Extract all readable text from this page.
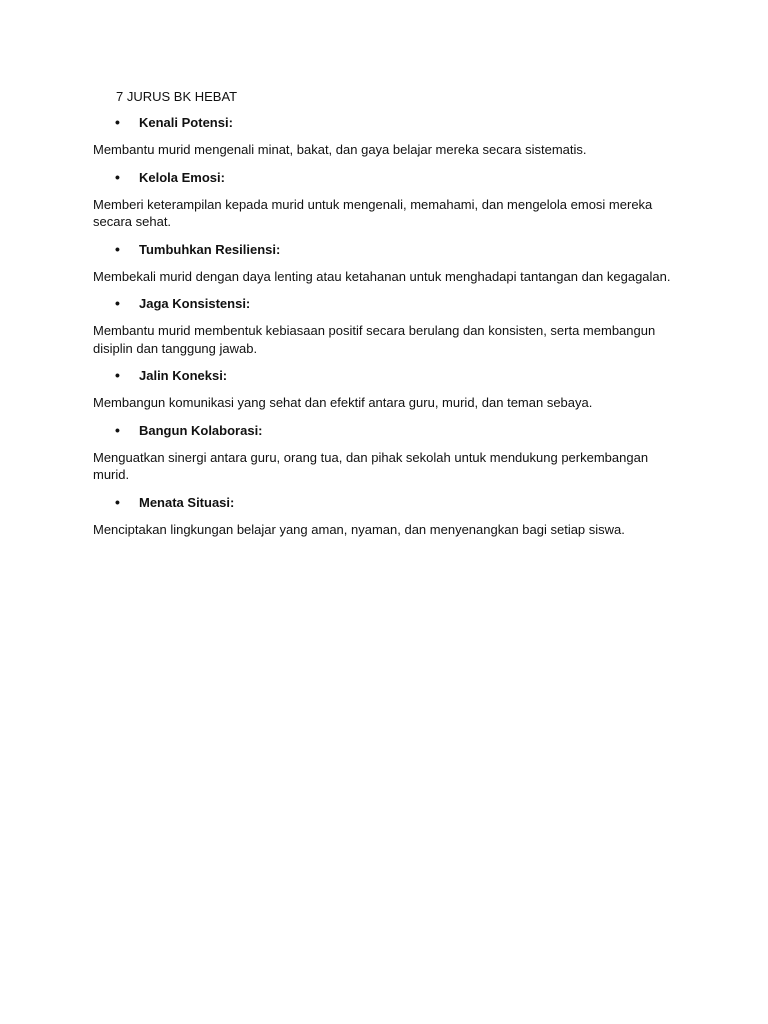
7 JURUS BK HEBAT

•	Kenali Potensi:

Membantu murid mengenali minat, bakat, dan gaya belajar mereka secara sistematis.

•	Kelola Emosi:

Memberi keterampilan kepada murid untuk mengenali, memahami, dan mengelola emosi mereka secara sehat.

•	Tumbuhkan Resiliensi:

Membekali murid dengan daya lenting atau ketahanan untuk menghadapi tantangan dan kegagalan.

•	Jaga Konsistensi:

Membantu murid membentuk kebiasaan positif secara berulang dan konsisten, serta membangun disiplin dan tanggung jawab.

•	Jalin Koneksi:

Membangun komunikasi yang sehat dan efektif antara guru, murid, dan teman sebaya.

•	Bangun Kolaborasi:

Menguatkan sinergi antara guru, orang tua, dan pihak sekolah untuk mendukung perkembangan murid.

•	Menata Situasi:

Menciptakan lingkungan belajar yang aman, nyaman, dan menyenangkan bagi setiap siswa.
